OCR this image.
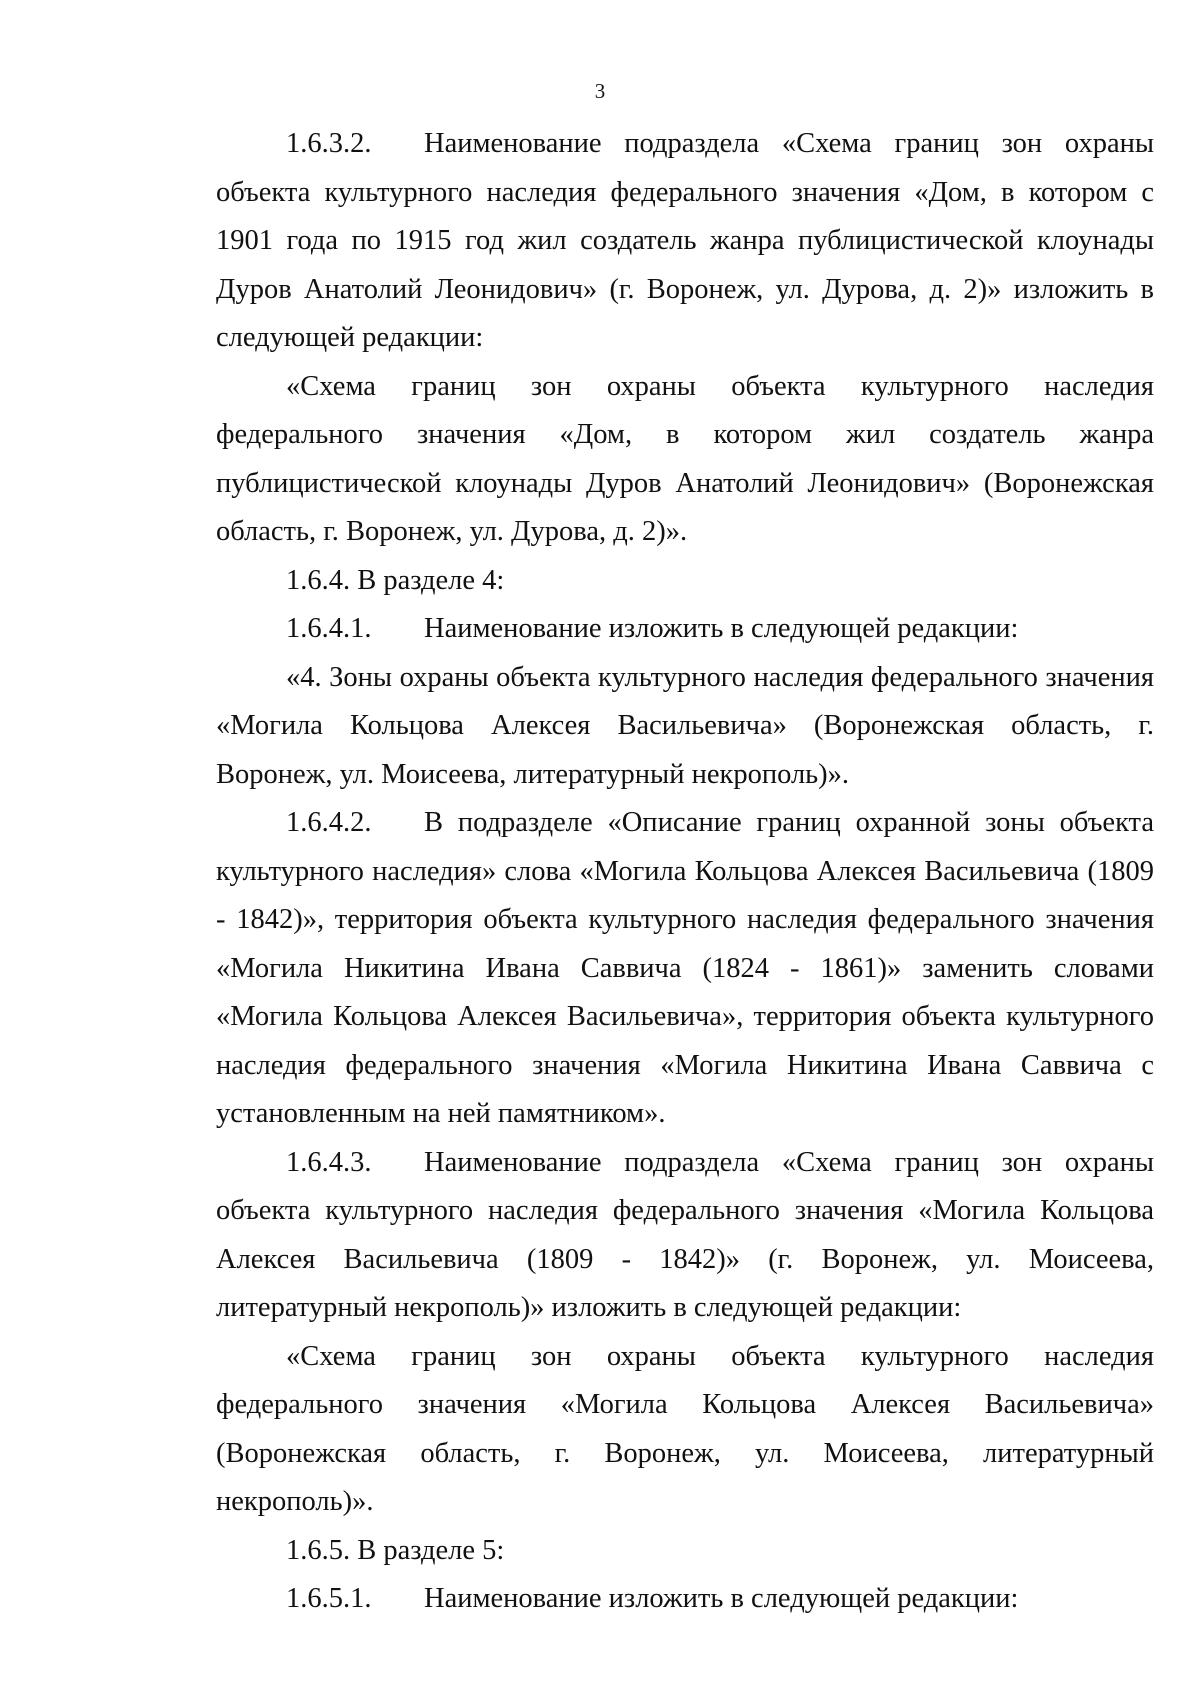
3

1.6.3.2. Наименование подраздела «Схема границ зон охраны объекта культурного наследия федерального значения «Дом, в котором с 1901 года по 1915 год жил создатель жанра публицистической клоунады Дуров Анатолий Леонидович» (г. Воронеж, ул. Дурова, д. 2)» изложить в следующей редакции:

«Схема границ зон охраны объекта культурного наследия федерального значения «Дом, в котором жил создатель жанра публицистической клоунады Дуров Анатолий Леонидович» (Воронежская область, г. Воронеж, ул. Дурова, д. 2)».

1.6.4. В разделе 4:

1.6.4.1. Наименование изложить в следующей редакции:

«4. Зоны охраны объекта культурного наследия федерального значения «Могила Кольцова Алексея Васильевича» (Воронежская область, г. Воронеж, ул. Моисеева, литературный некрополь)».

1.6.4.2. В подразделе «Описание границ охранной зоны объекта культурного наследия» слова «Могила Кольцова Алексея Васильевича (1809 - 1842)», территория объекта культурного наследия федерального значения «Могила Никитина Ивана Саввича (1824 - 1861)» заменить словами «Могила Кольцова Алексея Васильевича», территория объекта культурного наследия федерального значения «Могила Никитина Ивана Саввича с установленным на ней памятником».

1.6.4.3. Наименование подраздела «Схема границ зон охраны объекта культурного наследия федерального значения «Могила Кольцова Алексея Васильевича (1809 - 1842)» (г. Воронеж, ул. Моисеева, литературный некрополь)» изложить в следующей редакции:

«Схема границ зон охраны объекта культурного наследия федерального значения «Могила Кольцова Алексея Васильевича» (Воронежская область, г. Воронеж, ул. Моисеева, литературный некрополь)».

1.6.5. В разделе 5:

1.6.5.1. Наименование изложить в следующей редакции:
